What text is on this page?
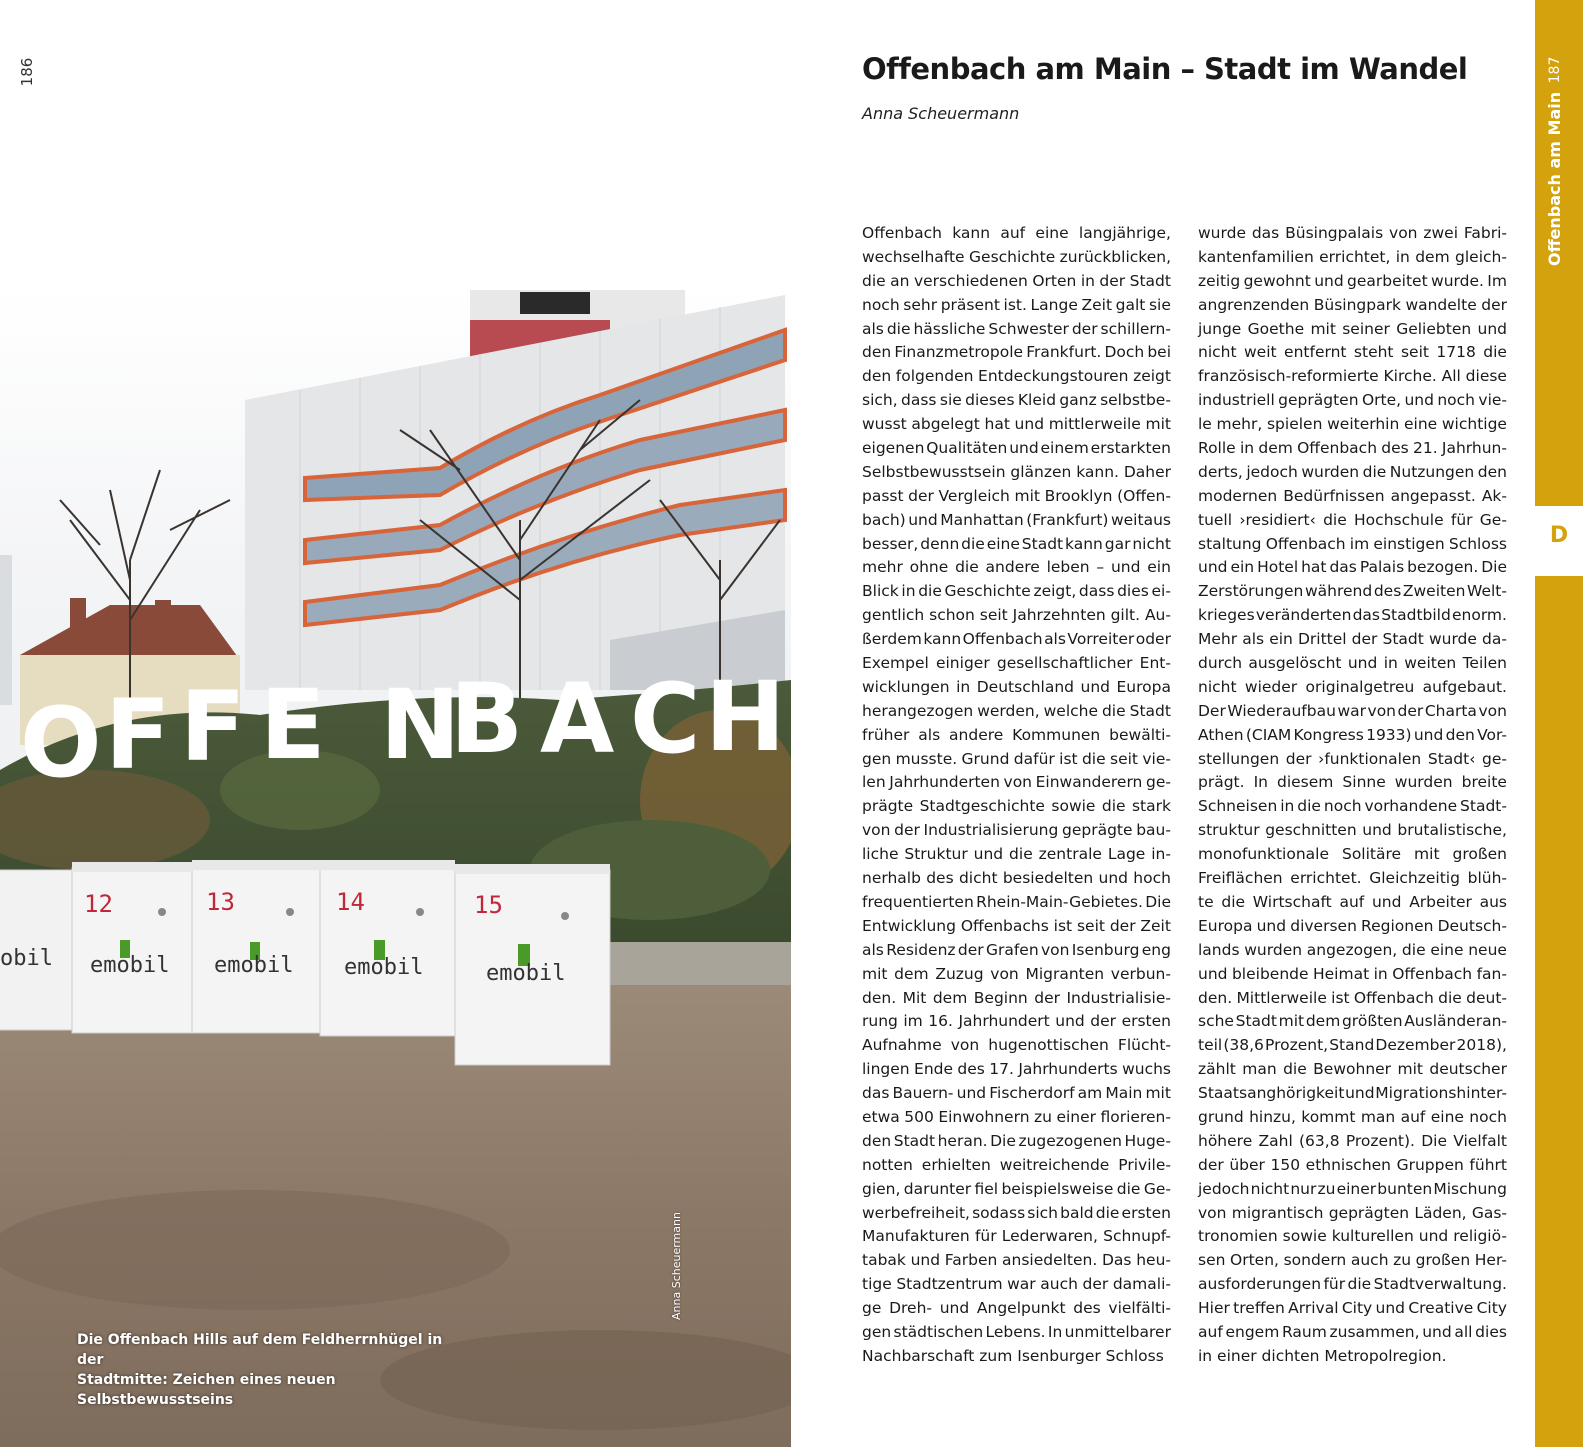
O F F E N
B A C H
obil
12	13	14	15
emobil emobil emobil	emobil
186
Die Offenbach Hills auf dem Feldherrnhügel in der
Stadtmitte: Zeichen eines neuen Selbstbewusstseins
Anna Scheuermann
Offenbach am Main – Stadt im Wandel
Anna Scheuermann
Offenbach kann auf eine langjährige,
wechselhafte Geschichte zurückblicken,
die an verschiedenen Orten in der Stadt
noch sehr präsent ist. Lange Zeit galt sie
als die hässliche Schwester der schillern-
den Finanzmetropole Frankfurt. Doch bei
den folgenden Entdeckungstouren zeigt
sich, dass sie dieses Kleid ganz selbstbe-
wusst abgelegt hat und mittlerweile mit
eigenen Qualitäten und einem erstarkten
Selbstbewusstsein glänzen kann. Daher
passt der Vergleich mit Brooklyn (Offen-
bach) und Manhattan (Frankfurt) weitaus
besser, denn die eine Stadt kann gar nicht
mehr ohne die andere leben – und ein
Blick in die Geschichte zeigt, dass dies ei-
gentlich schon seit Jahrzehnten gilt. Au-
ßerdem kann Offenbach als Vorreiter oder
Exempel einiger gesellschaftlicher Ent-
wicklungen in Deutschland und Europa
herangezogen werden, welche die Stadt
früher als andere Kommunen bewälti-
gen musste. Grund dafür ist die seit vie-
len Jahrhunderten von Einwanderern ge-
prägte Stadtgeschichte sowie die stark
von der Industrialisierung geprägte bau-
liche Struktur und die zentrale Lage in-
nerhalb des dicht besiedelten und hoch
frequentierten Rhein-Main-Gebietes. Die
Entwicklung Offenbachs ist seit der Zeit
als Residenz der Grafen von Isenburg eng
mit dem Zuzug von Migranten verbun-
den. Mit dem Beginn der Industrialisie-
rung im 16. Jahrhundert und der ersten
Aufnahme von hugenottischen Flücht-
lingen Ende des 17. Jahrhunderts wuchs
das Bauern- und Fischerdorf am Main mit
etwa 500 Einwohnern zu einer florieren-
den Stadt heran. Die zugezogenen Huge-
notten erhielten weitreichende Privile-
gien, darunter fiel beispielsweise die Ge-
werbefreiheit, sodass sich bald die ersten
Manufakturen für Lederwaren, Schnupf-
tabak und Farben ansiedelten. Das heu-
tige Stadtzentrum war auch der damali-
ge Dreh- und Angelpunkt des vielfälti-
gen städtischen Lebens. In unmittelbarer
Nachbarschaft zum Isenburger Schloss
wurde das Büsingpalais von zwei Fabri-
kantenfamilien errichtet, in dem gleich-
zeitig gewohnt und gearbeitet wurde. Im
angrenzenden Büsingpark wandelte der
junge Goethe mit seiner Geliebten und
nicht weit entfernt steht seit 1718 die
französisch-reformierte Kirche. All diese
industriell geprägten Orte, und noch vie-
le mehr, spielen weiterhin eine wichtige
Rolle in dem Offenbach des 21. Jahrhun-
derts, jedoch wurden die Nutzungen den
modernen Bedürfnissen angepasst. Ak-
tuell ›residiert‹ die Hochschule für Ge-
staltung Offenbach im einstigen Schloss
und ein Hotel hat das Palais bezogen. Die
Zerstörungen während des Zweiten Welt-
krieges veränderten das Stadtbild enorm.
Mehr als ein Drittel der Stadt wurde da-
durch ausgelöscht und in weiten Teilen
nicht wieder originalgetreu aufgebaut.
Der Wiederaufbau war von der Charta von
Athen (CIAM Kongress 1933) und den Vor-
stellungen der ›funktionalen Stadt‹ ge-
prägt. In diesem Sinne wurden breite
Schneisen in die noch vorhandene Stadt-
struktur geschnitten und brutalistische,
monofunktionale Solitäre mit großen
Freiflächen errichtet. Gleichzeitig blüh-
te die Wirtschaft auf und Arbeiter aus
Europa und diversen Regionen Deutsch-
lands wurden angezogen, die eine neue
und bleibende Heimat in Offenbach fan-
den. Mittlerweile ist Offenbach die deut-
sche Stadt mit dem größten Ausländeran-
teil (38,6 Prozent, Stand Dezember 2018),
zählt man die Bewohner mit deutscher
Staatsanghörigkeit und Migrationshinter-
grund hinzu, kommt man auf eine noch
höhere Zahl (63,8 Prozent). Die Vielfalt
der über 150 ethnischen Gruppen führt
jedoch nicht nur zu einer bunten Mischung
von migrantisch geprägten Läden, Gas-
tronomien sowie kulturellen und religiö-
sen Orten, sondern auch zu großen Her-
ausforderungen für die Stadtverwaltung.
Hier treffen Arrival City und Creative City
auf engem Raum zusammen, und all dies
in einer dichten Metropolregion.
D
187
Offenbach am Main
